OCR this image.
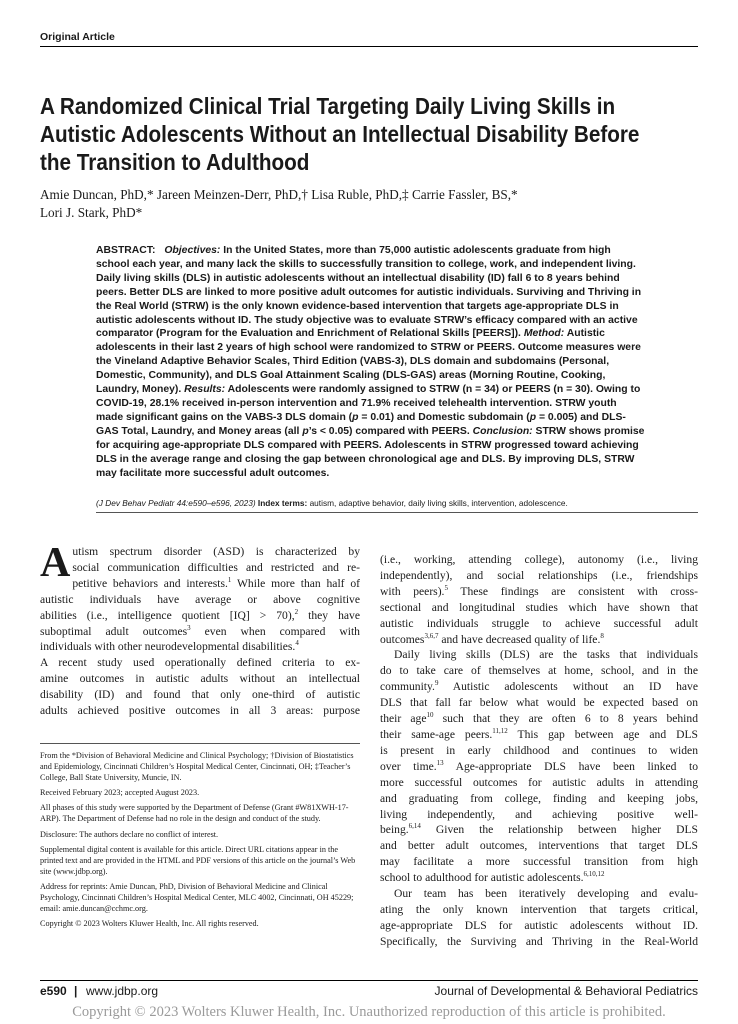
Original Article
A Randomized Clinical Trial Targeting Daily Living Skills in
Autistic Adolescents Without an Intellectual Disability Before
the Transition to Adulthood
Amie Duncan, PhD,* Jareen Meinzen-Derr, PhD,† Lisa Ruble, PhD,‡ Carrie Fassler, BS,*
Lori J. Stark, PhD*
ABSTRACT: Objectives: In the United States, more than 75,000 autistic adolescents graduate from high
school each year, and many lack the skills to successfully transition to college, work, and independent living.
Daily living skills (DLS) in autistic adolescents without an intellectual disability (ID) fall 6 to 8 years behind
peers. Better DLS are linked to more positive adult outcomes for autistic individuals. Surviving and Thriving in
the Real World (STRW) is the only known evidence-based intervention that targets age-appropriate DLS in
autistic adolescents without ID. The study objective was to evaluate STRW’s efficacy compared with an active
comparator (Program for the Evaluation and Enrichment of Relational Skills [PEERS]). Method: Autistic
adolescents in their last 2 years of high school were randomized to STRW or PEERS. Outcome measures were
the Vineland Adaptive Behavior Scales, Third Edition (VABS-3), DLS domain and subdomains (Personal,
Domestic, Community), and DLS Goal Attainment Scaling (DLS-GAS) areas (Morning Routine, Cooking,
Laundry, Money). Results: Adolescents were randomly assigned to STRW (n = 34) or PEERS (n = 30). Owing to
COVID-19, 28.1% received in-person intervention and 71.9% received telehealth intervention. STRW youth
made significant gains on the VABS-3 DLS domain (p = 0.01) and Domestic subdomain (p = 0.005) and DLS-
GAS Total, Laundry, and Money areas (all p’s < 0.05) compared with PEERS. Conclusion: STRW shows promise
for acquiring age-appropriate DLS compared with PEERS. Adolescents in STRW progressed toward achieving
DLS in the average range and closing the gap between chronological age and DLS. By improving DLS, STRW
may facilitate more successful adult outcomes.
(J Dev Behav Pediatr 44:e590–e596, 2023) Index terms: autism, adaptive behavior, daily living skills, intervention, adolescence.
A utism spectrum disorder (ASD) is characterized by
social communication difficulties and restricted and re-
petitive behaviors and interests.$^1$ While more than half of
autistic individuals have average or above cognitive
abilities (i.e., intelligence quotient [IQ] > 70),$^2$ they have
suboptimal adult outcomes$^3$ even when compared with
individuals with other neurodevelopmental disabilities.$^4$
A recent study used operationally defined criteria to ex-
amine outcomes in autistic adults without an intellectual
disability (ID) and found that only one-third of autistic
adults achieved positive outcomes in all 3 areas: purpose

From the *Division of Behavioral Medicine and Clinical Psychology; †Division of Biostatistics and Epidemiology, Cincinnati Children’s Hospital Medical Center, Cincinnati, OH; ‡Teacher’s College, Ball State University, Muncie, IN.

Received February 2023; accepted August 2023.

All phases of this study were supported by the Department of Defense (Grant #W81XWH-17-ARP). The Department of Defense had no role in the design and conduct of the study.

Disclosure: The authors declare no conflict of interest.

Supplemental digital content is available for this article. Direct URL citations appear in the printed text and are provided in the HTML and PDF versions of this article on the journal’s Web site (www.jdbp.org).

Address for reprints: Amie Duncan, PhD, Division of Behavioral Medicine and Clinical Psychology, Cincinnati Children’s Hospital Medical Center, MLC 4002, Cincinnati, OH 45229; email: amie.duncan@cchmc.org.

Copyright © 2023 Wolters Kluwer Health, Inc. All rights reserved.

(i.e., working, attending college), autonomy (i.e., living
independently), and social relationships (i.e., friendships
with peers).$^5$ These findings are consistent with cross-
sectional and longitudinal studies which have shown that
autistic individuals struggle to achieve successful adult
outcomes$^{3,6,7}$ and have decreased quality of life.$^8$
Daily living skills (DLS) are the tasks that individuals
do to take care of themselves at home, school, and in the
community.$^9$ Autistic adolescents without an ID have
DLS that fall far below what would be expected based on
their age$^{10}$ such that they are often 6 to 8 years behind
their same-age peers.$^{11,12}$ This gap between age and DLS
is present in early childhood and continues to widen
over time.$^{13}$ Age-appropriate DLS have been linked to
more successful outcomes for autistic adults in attending
and graduating from college, finding and keeping jobs,
living independently, and achieving positive well-
being.$^{6,14}$ Given the relationship between higher DLS
and better adult outcomes, interventions that target DLS
may facilitate a more successful transition from high
school to adulthood for autistic adolescents.$^{6,10,12}$
Our team has been iteratively developing and evalu-
ating the only known intervention that targets critical,
age-appropriate DLS for autistic adolescents without ID.
Specifically, the Surviving and Thriving in the Real-World
e590 | www.jdbp.org	Journal of Developmental & Behavioral Pediatrics
Copyright © 2023 Wolters Kluwer Health, Inc. Unauthorized reproduction of this article is prohibited.
